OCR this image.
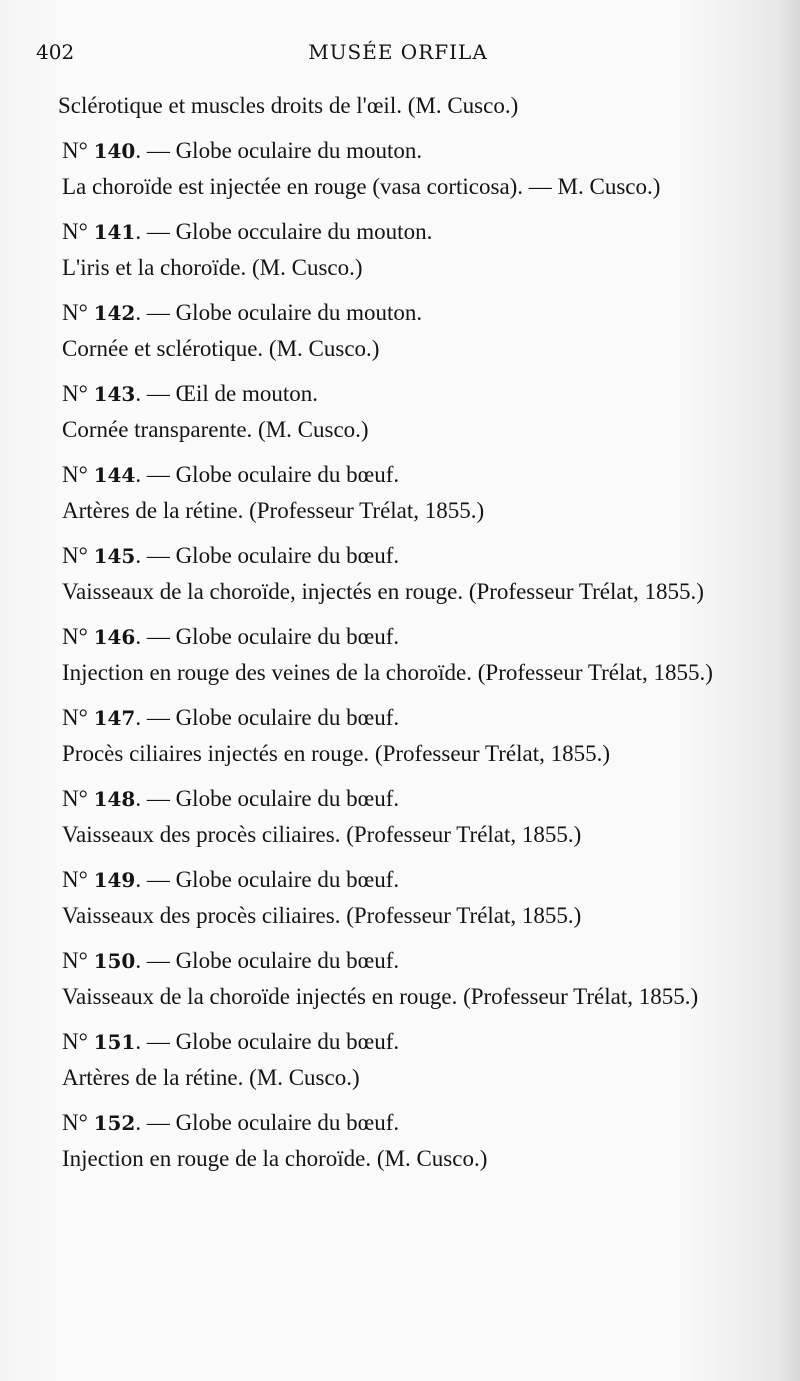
402	MUSÉE ORFILA
Sclérotique et muscles droits de l'œil. (M. Cusco.)
N° 140. — Globe oculaire du mouton.
La choroïde est injectée en rouge (vasa corticosa). — M. Cusco.)
N° 141. — Globe occulaire du mouton.
L'iris et la choroïde. (M. Cusco.)
N° 142. — Globe oculaire du mouton.
Cornée et sclérotique. (M. Cusco.)
N° 143. — Œil de mouton.
Cornée transparente. (M. Cusco.)
N° 144. — Globe oculaire du bœuf.
Artères de la rétine. (Professeur Trélat, 1855.)
N° 145. — Globe oculaire du bœuf.
Vaisseaux de la choroïde, injectés en rouge. (Professeur Trélat, 1855.)
N° 146. — Globe oculaire du bœuf.
Injection en rouge des veines de la choroïde. (Professeur Trélat, 1855.)
N° 147. — Globe oculaire du bœuf.
Procès ciliaires injectés en rouge. (Professeur Trélat, 1855.)
N° 148. — Globe oculaire du bœuf.
Vaisseaux des procès ciliaires. (Professeur Trélat, 1855.)
N° 149. — Globe oculaire du bœuf.
Vaisseaux des procès ciliaires. (Professeur Trélat, 1855.)
N° 150. — Globe oculaire du bœuf.
Vaisseaux de la choroïde injectés en rouge. (Professeur Trélat, 1855.)
N° 151. — Globe oculaire du bœuf.
Artères de la rétine. (M. Cusco.)
N° 152. — Globe oculaire du bœuf.
Injection en rouge de la choroïde. (M. Cusco.)
